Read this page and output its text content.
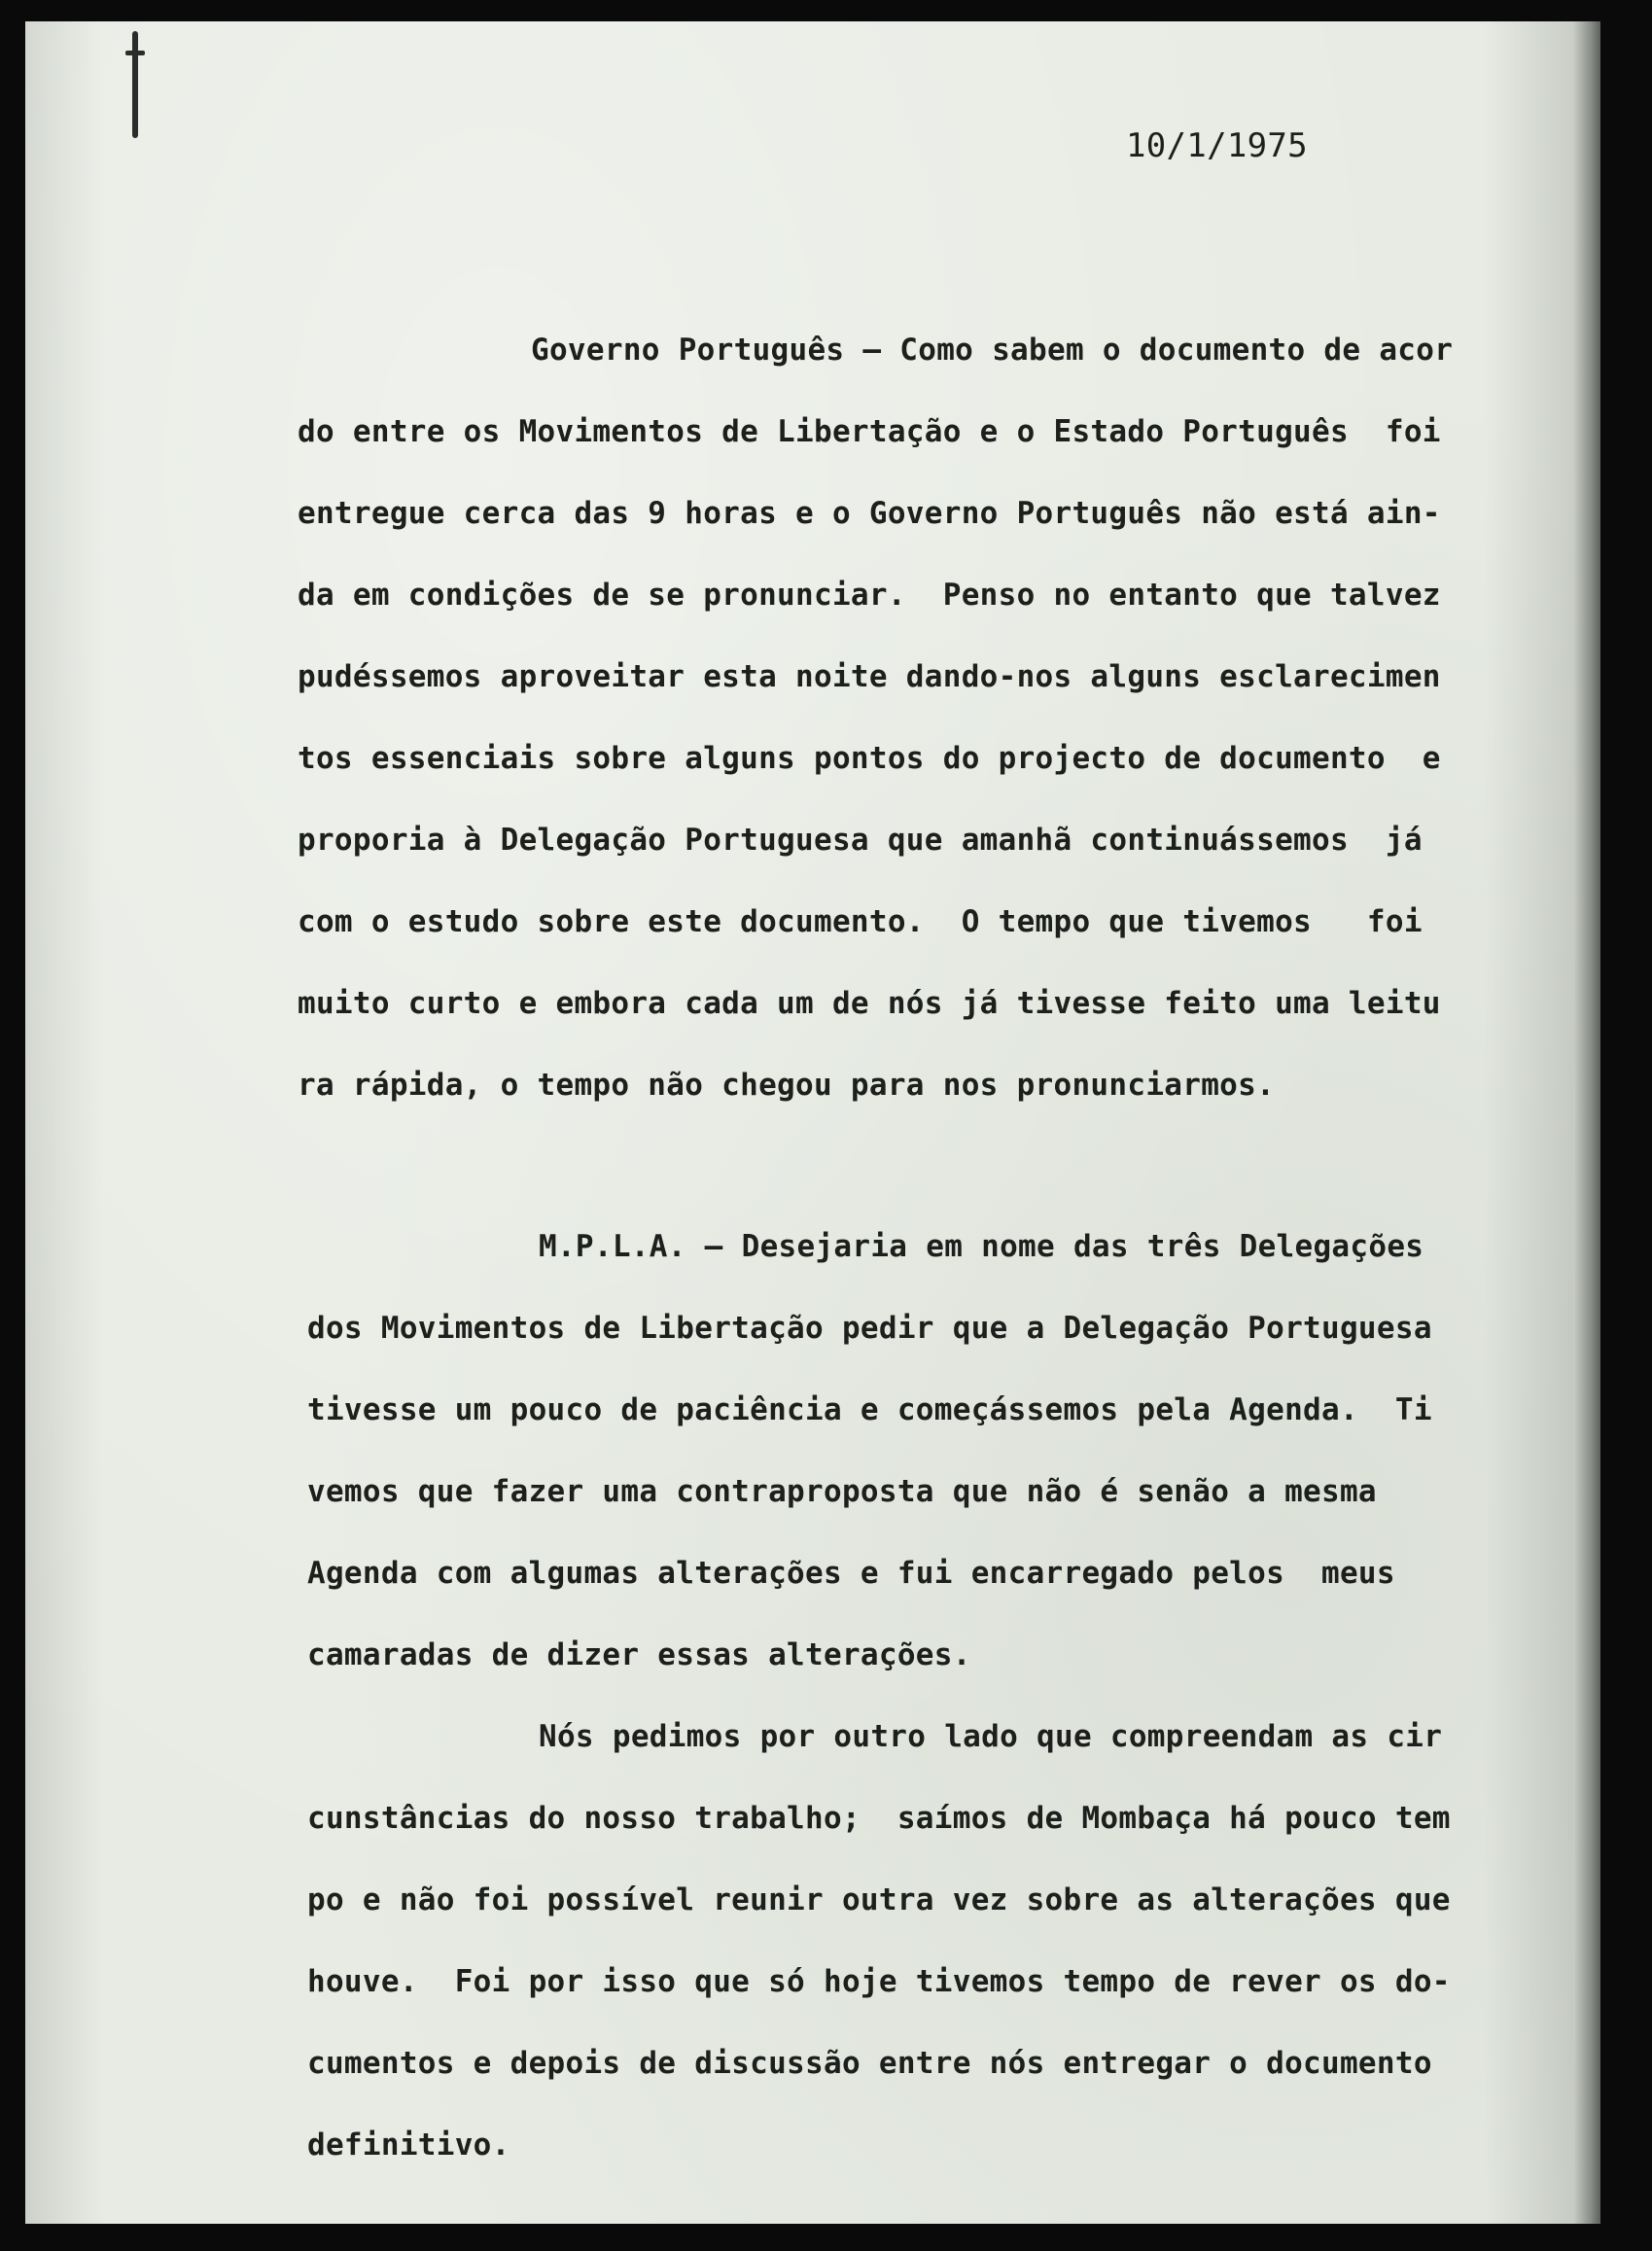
10/1/1975
Governo Português — Como sabem o documento de acor
do entre os Movimentos de Libertação e o Estado Português  foi
entregue cerca das 9 horas e o Governo Português não está ain-
da em condições de se pronunciar.  Penso no entanto que talvez
pudéssemos aproveitar esta noite dando-nos alguns esclarecimen
tos essenciais sobre alguns pontos do projecto de documento  e
proporia à Delegação Portuguesa que amanhã continuássemos  já
com o estudo sobre este documento.  O tempo que tivemos   foi
muito curto e embora cada um de nós já tivesse feito uma leitu
ra rápida, o tempo não chegou para nos pronunciarmos.
M.P.L.A. — Desejaria em nome das três Delegações
dos Movimentos de Libertação pedir que a Delegação Portuguesa
tivesse um pouco de paciência e começássemos pela Agenda.  Ti
vemos que fazer uma contraproposta que não é senão a mesma
Agenda com algumas alterações e fui encarregado pelos  meus
camaradas de dizer essas alterações.
Nós pedimos por outro lado que compreendam as cir
cunstâncias do nosso trabalho;  saímos de Mombaça há pouco tem
po e não foi possível reunir outra vez sobre as alterações que
houve.  Foi por isso que só hoje tivemos tempo de rever os do-
cumentos e depois de discussão entre nós entregar o documento
definitivo.
